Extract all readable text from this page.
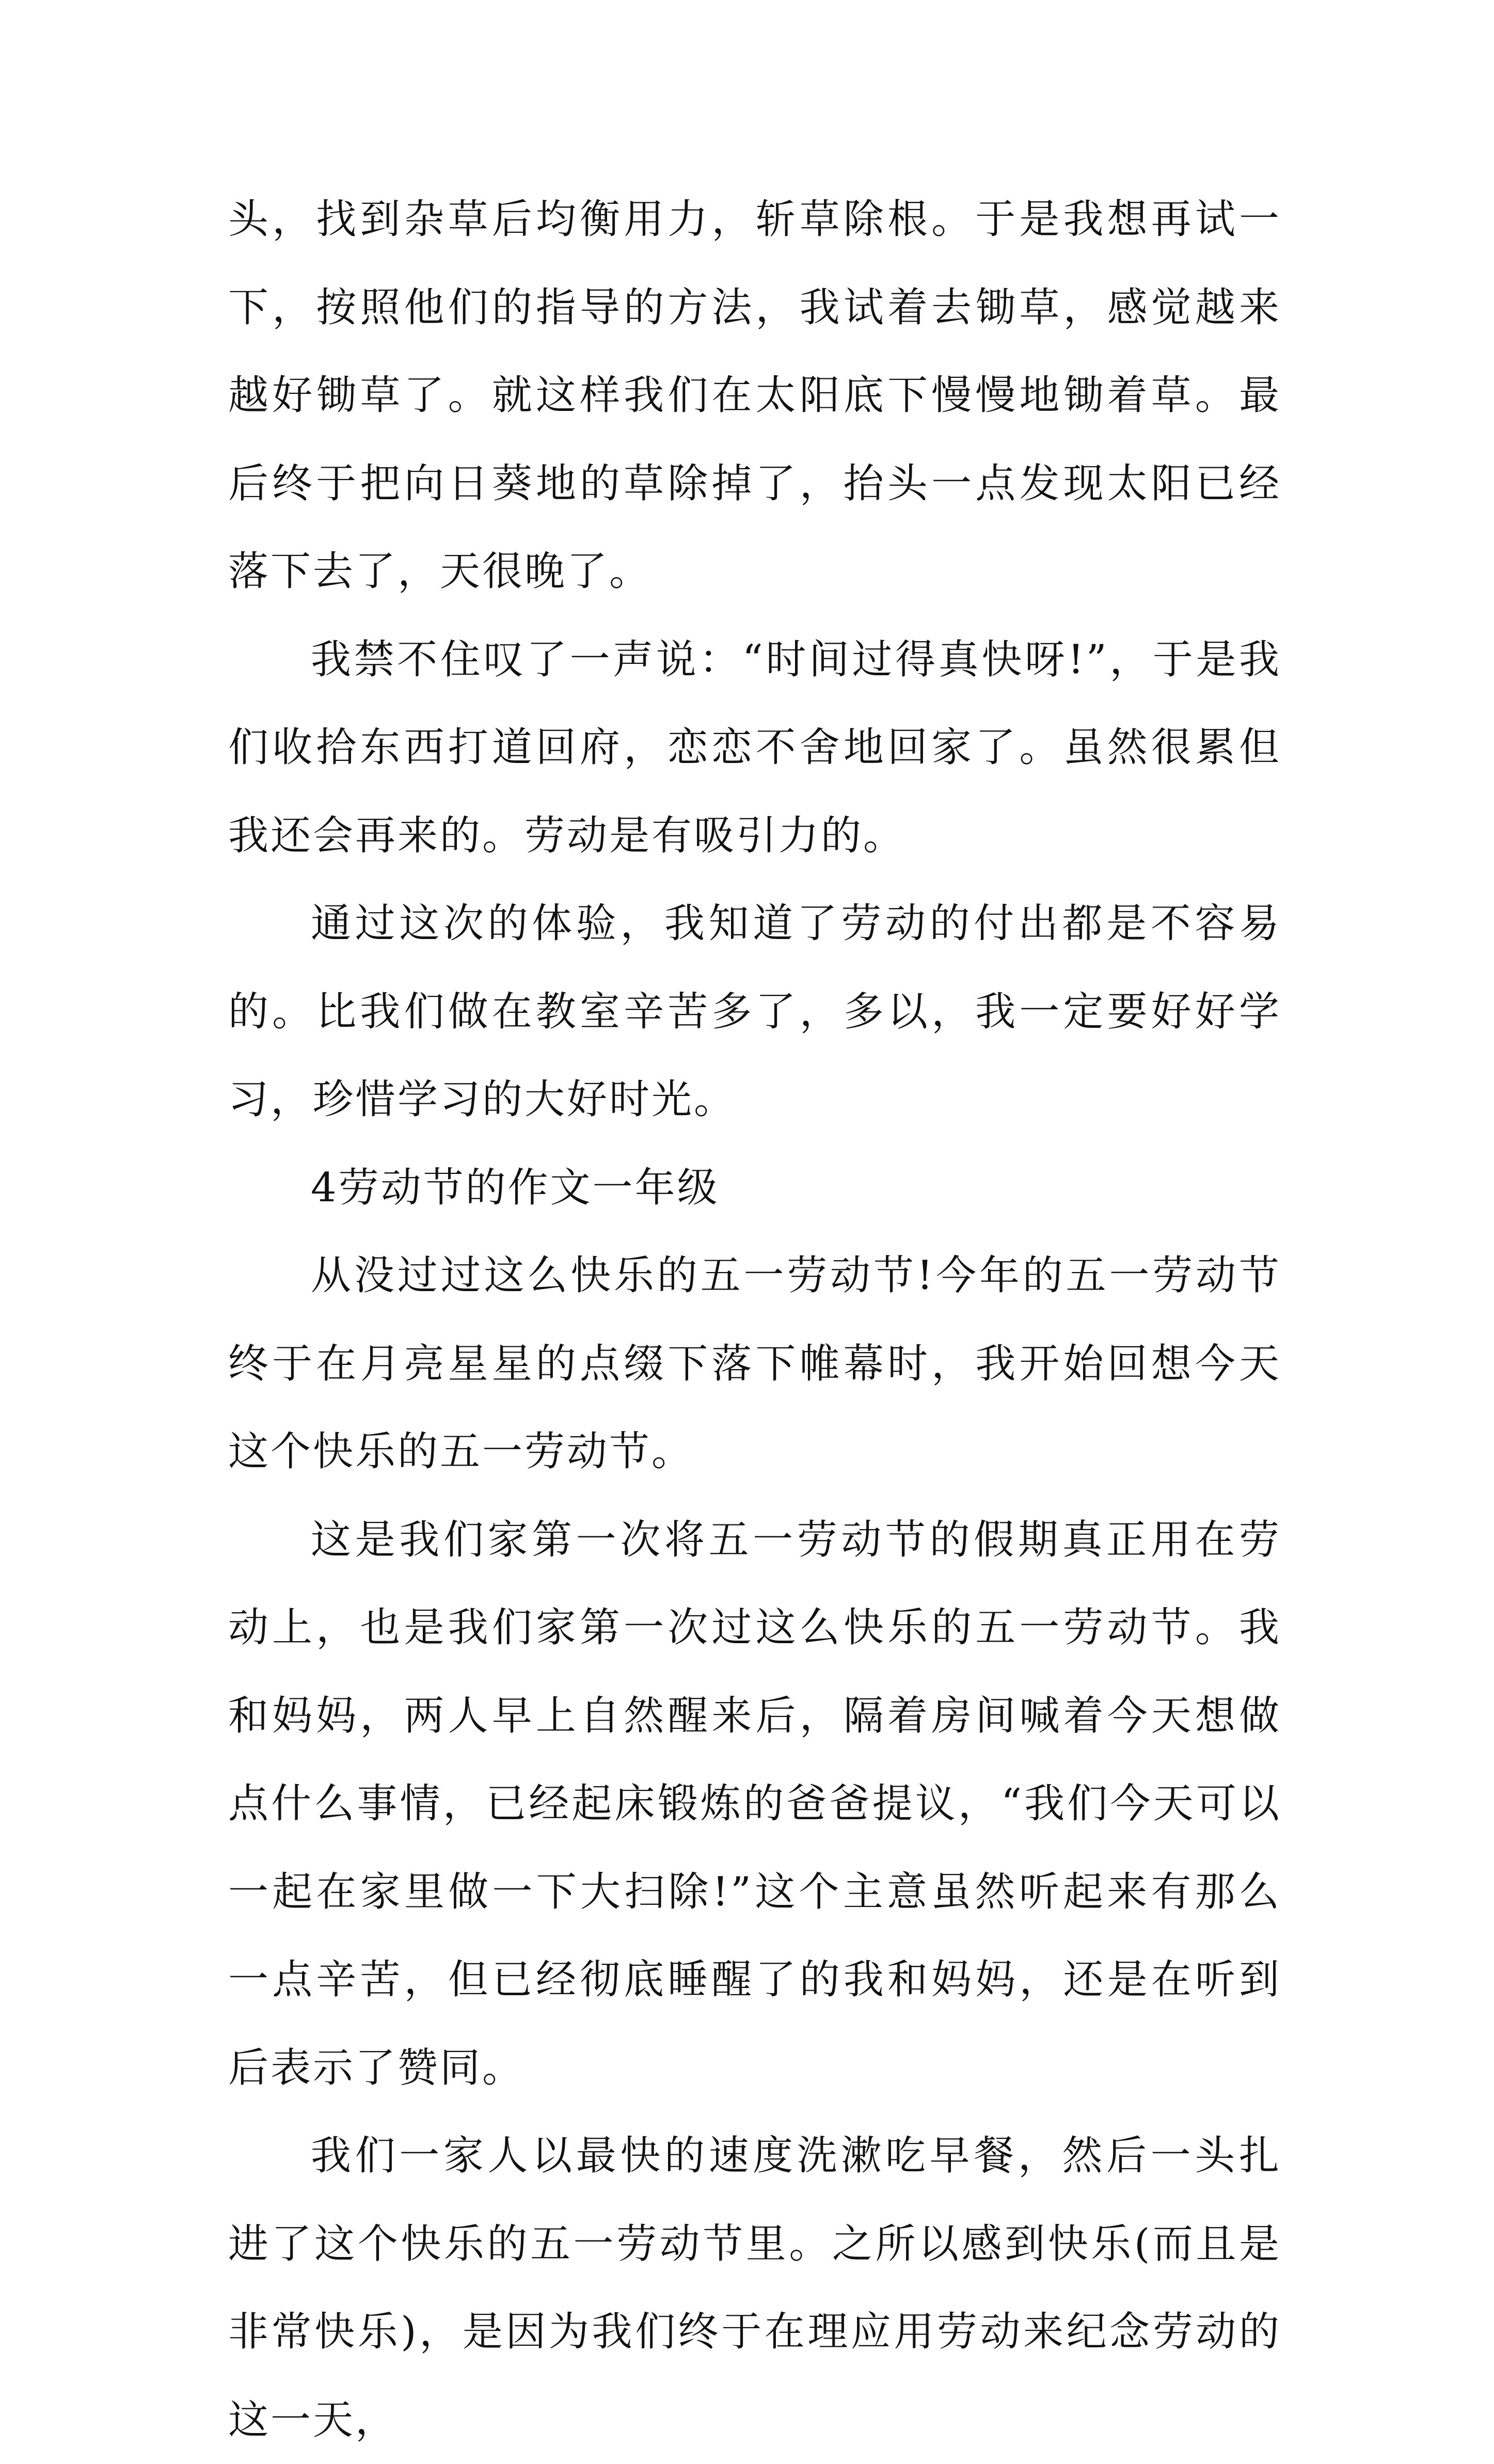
头，找到杂草后均衡用力，斩草除根。于是我想再试一下，按照他们的指导的方法，我试着去锄草，感觉越来越好锄草了。就这样我们在太阳底下慢慢地锄着草。最后终于把向日葵地的草除掉了，抬头一点发现太阳已经落下去了，天很晚了。

我禁不住叹了一声说：“时间过得真快呀!”，于是我们收拾东西打道回府，恋恋不舍地回家了。虽然很累但我还会再来的。劳动是有吸引力的。

通过这次的体验，我知道了劳动的付出都是不容易的。比我们做在教室辛苦多了，多以，我一定要好好学习，珍惜学习的大好时光。

4劳动节的作文一年级

从没过过这么快乐的五一劳动节!今年的五一劳动节终于在月亮星星的点缀下落下帷幕时，我开始回想今天这个快乐的五一劳动节。

这是我们家第一次将五一劳动节的假期真正用在劳动上，也是我们家第一次过这么快乐的五一劳动节。我和妈妈，两人早上自然醒来后，隔着房间喊着今天想做点什么事情，已经起床锻炼的爸爸提议，“我们今天可以一起在家里做一下大扫除!”这个主意虽然听起来有那么一点辛苦，但已经彻底睡醒了的我和妈妈，还是在听到后表示了赞同。

我们一家人以最快的速度洗漱吃早餐，然后一头扎进了这个快乐的五一劳动节里。之所以感到快乐(而且是非常快乐)，是因为我们终于在理应用劳动来纪念劳动的这一天，
